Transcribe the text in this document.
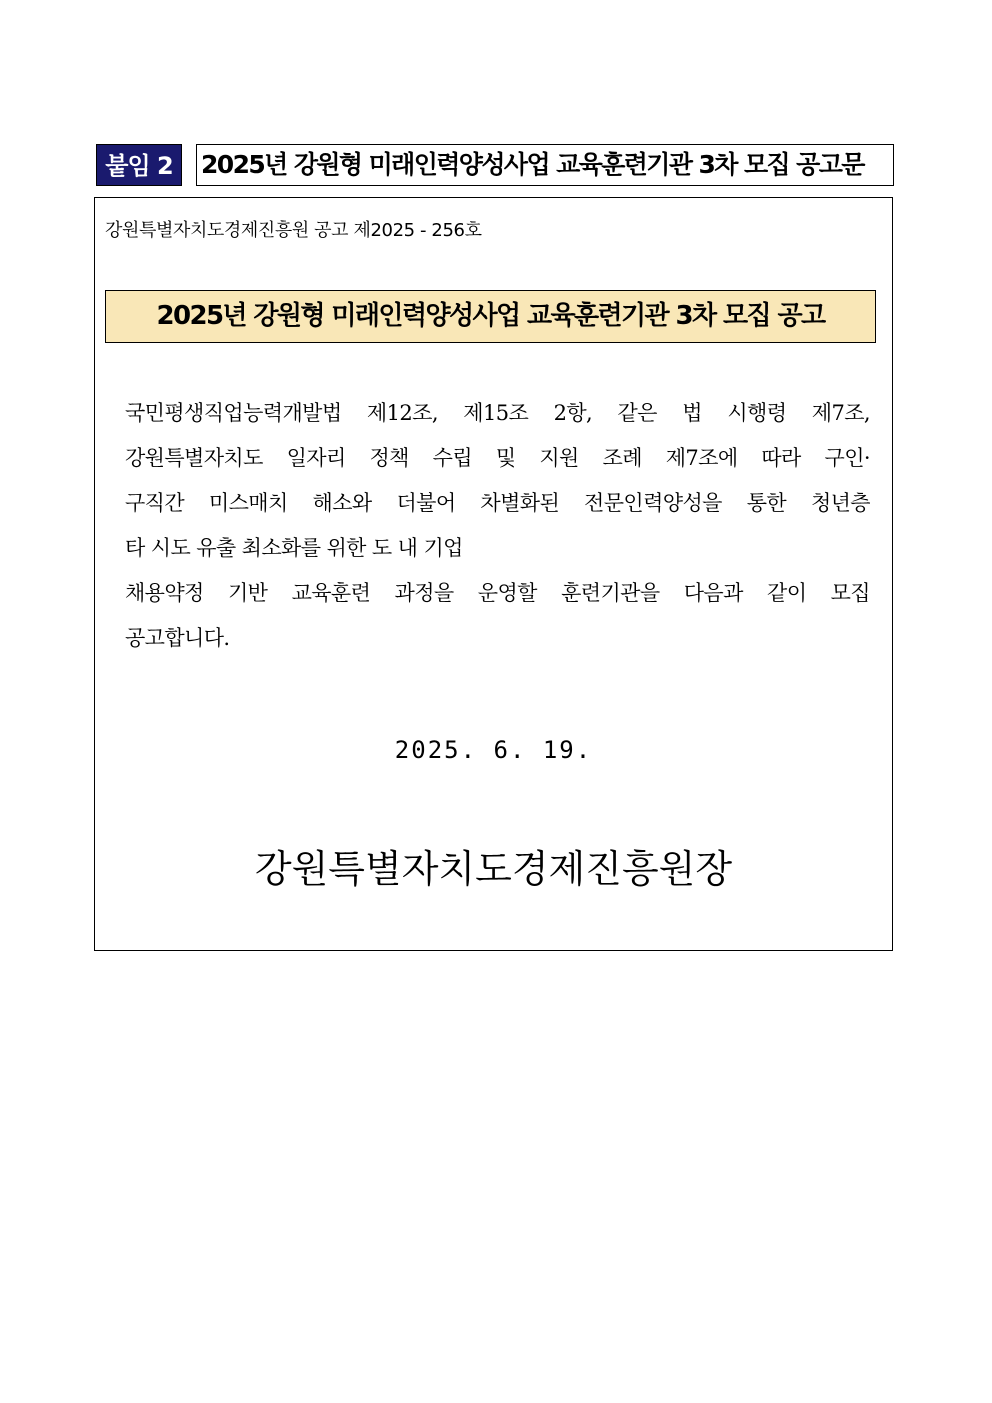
붙임 2	2025년 강원형 미래인력양성사업 교육훈련기관 3차 모집 공고문
강원특별자치도경제진흥원 공고 제2025 - 256호
2025년 강원형 미래인력양성사업 교육훈련기관 3차 모집 공고
국민평생직업능력개발법 제12조, 제15조 2항, 같은 법 시행령 제7조,
강원특별자치도 일자리 정책 수립 및 지원 조례 제7조에 따라 구인·
구직간 미스매치 해소와 더불어 차별화된 전문인력양성을 통한 청년층
타 시도 유출 최소화를 위한 도 내 기업
채용약정 기반 교육훈련 과정을 운영할 훈련기관을 다음과 같이 모집
공고합니다.
2025. 6. 19.
강원특별자치도경제진흥원장
